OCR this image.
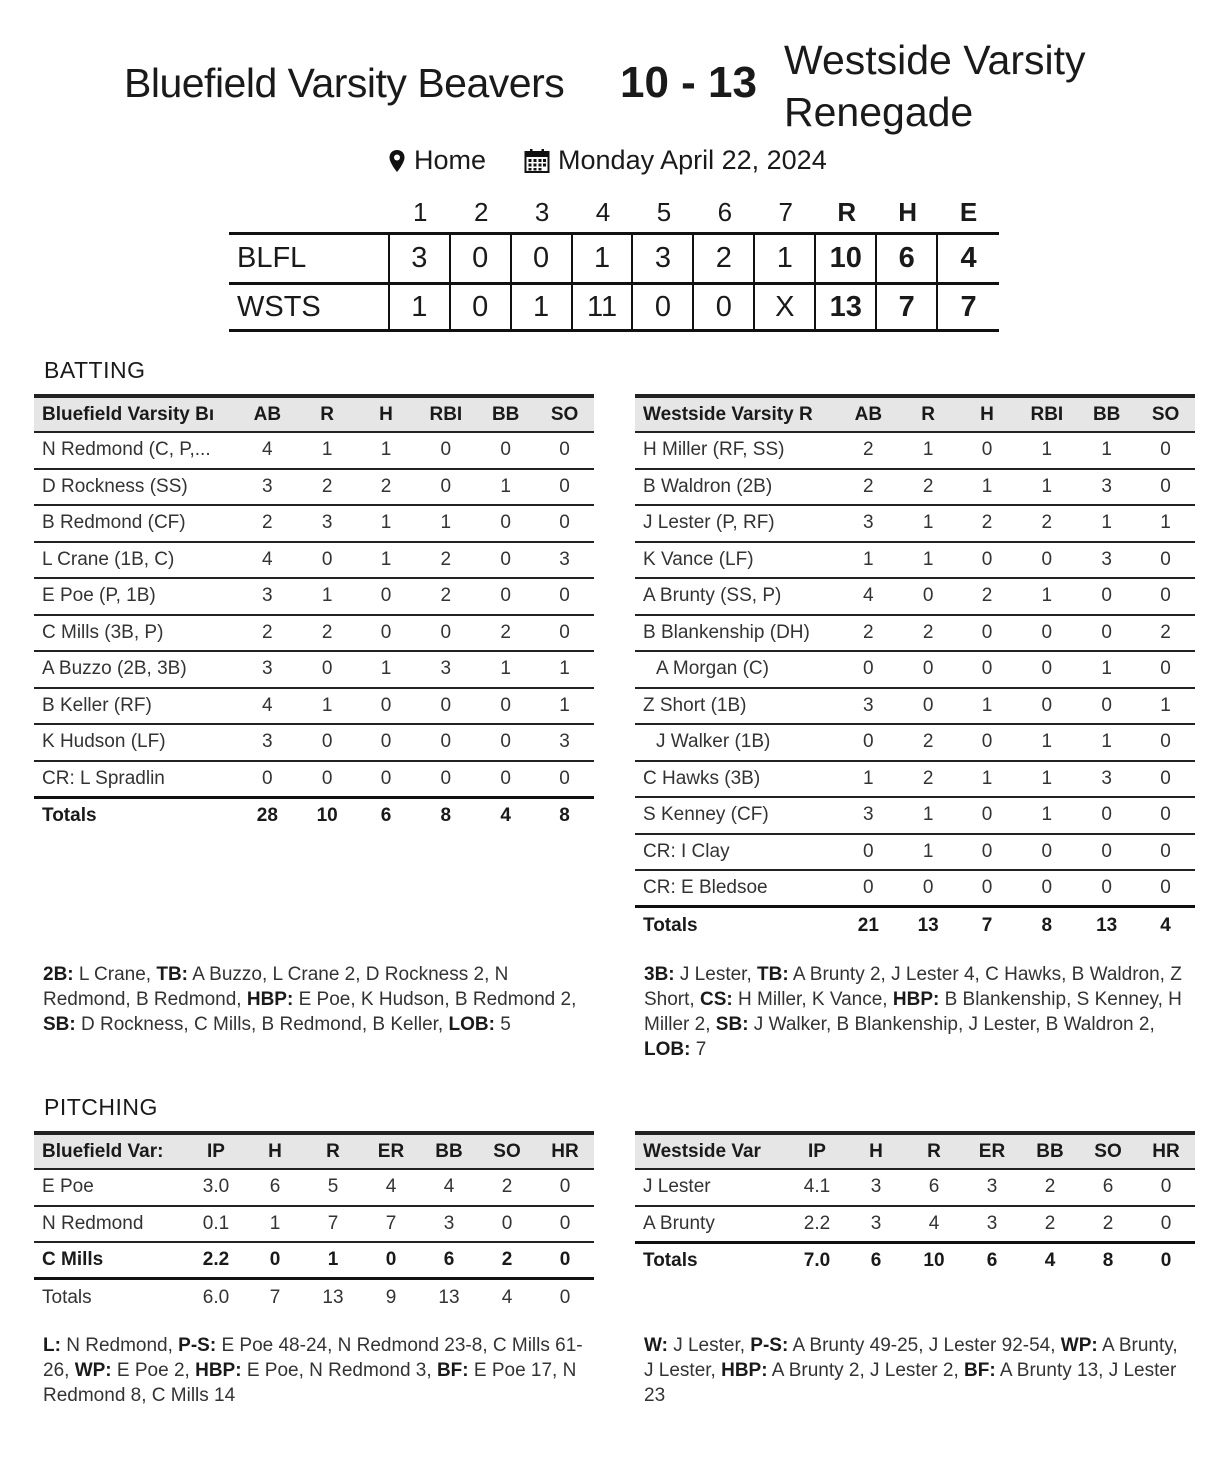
Bluefield Varsity Beavers 10 - 13 Westside Varsity Renegade
Home	Monday April 22, 2024
1	2	3	4	5	6	7	R	H	E
BLFL	3	0	0	1	3	2	1	10	6	4
WSTS	1	0	1	11	0	0	X	13	7	7
BATTING
Bluefield Varsity Bı	AB	R	H	RBI	BB	SO
N Redmond (C, P,...	4	1	1	0	0	0
D Rockness (SS)	3	2	2	0	1	0
B Redmond (CF)	2	3	1	1	0	0
L Crane (1B, C)	4	0	1	2	0	3
E Poe (P, 1B)	3	1	0	2	0	0
C Mills (3B, P)	2	2	0	0	2	0
A Buzzo (2B, 3B)	3	0	1	3	1	1
B Keller (RF)	4	1	0	0	0	1
K Hudson (LF)	3	0	0	0	0	3
CR: L Spradlin	0	0	0	0	0	0
Totals	28	10	6	8	4	8
Westside Varsity R	AB	R	H	RBI	BB	SO
H Miller (RF, SS)	2	1	0	1	1	0
B Waldron (2B)	2	2	1	1	3	0
J Lester (P, RF)	3	1	2	2	1	1
K Vance (LF)	1	1	0	0	3	0
A Brunty (SS, P)	4	0	2	1	0	0
B Blankenship (DH)	2	2	0	0	0	2
A Morgan (C)	0	0	0	0	1	0
Z Short (1B)	3	0	1	0	0	1
J Walker (1B)	0	2	0	1	1	0
C Hawks (3B)	1	2	1	1	3	0
S Kenney (CF)	3	1	0	1	0	0
CR: I Clay	0	1	0	0	0	0
CR: E Bledsoe	0	0	0	0	0	0
Totals	21	13	7	8	13	4
2B: L Crane, TB: A Buzzo, L Crane 2, D Rockness 2, N Redmond, B Redmond, HBP: E Poe, K Hudson, B Redmond 2, SB: D Rockness, C Mills, B Redmond, B Keller, LOB: 5
3B: J Lester, TB: A Brunty 2, J Lester 4, C Hawks, B Waldron, Z Short, CS: H Miller, K Vance, HBP: B Blankenship, S Kenney, H Miller 2, SB: J Walker, B Blankenship, J Lester, B Waldron 2, LOB: 7
PITCHING
Bluefield Var:	IP	H	R	ER	BB	SO	HR
E Poe	3.0	6	5	4	4	2	0
N Redmond	0.1	1	7	7	3	0	0
C Mills	2.2	0	1	0	6	2	0
Totals	6.0	7	13	9	13	4	0
Westside Var	IP	H	R	ER	BB	SO	HR
J Lester	4.1	3	6	3	2	6	0
A Brunty	2.2	3	4	3	2	2	0
Totals	7.0	6	10	6	4	8	0
L: N Redmond, P-S: E Poe 48-24, N Redmond 23-8, C Mills 61-26, WP: E Poe 2, HBP: E Poe, N Redmond 3, BF: E Poe 17, N Redmond 8, C Mills 14
W: J Lester, P-S: A Brunty 49-25, J Lester 92-54, WP: A Brunty, J Lester, HBP: A Brunty 2, J Lester 2, BF: A Brunty 13, J Lester 23
